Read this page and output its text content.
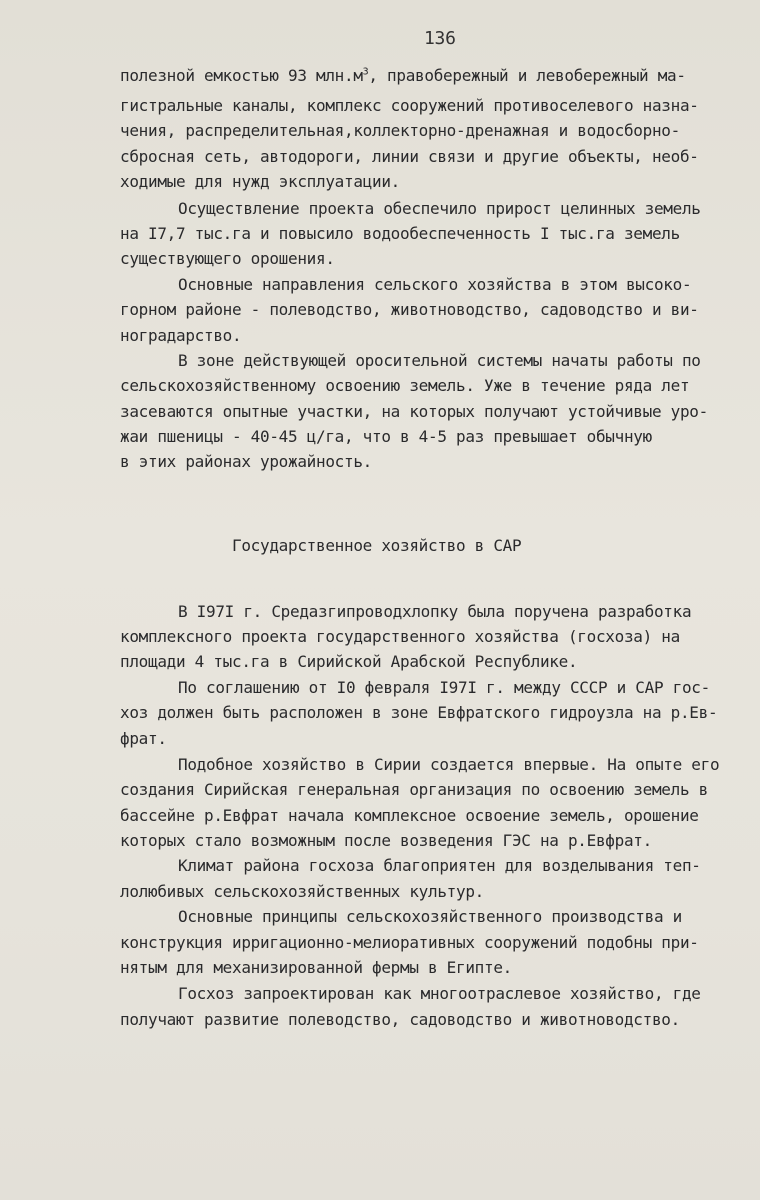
136
полезной емкостью 93 $млн.м^3$, правобережный и левобережный ма-
гистральные каналы, комплекс сооружений противоселевого назна-
чения, распределительная,коллекторно-дренажная и водосборно-
сбросная сеть, автодороги, линии связи и другие объекты, необ-
ходимые для нужд эксплуатации.
Осуществление проекта обеспечило прирост целинных земель
на I7,7 тыс.га и повысило водообеспеченность I тыс.га земель
существующего орошения.
Основные направления сельского хозяйства в этом высоко-
горном районе - полеводство, животноводство, садоводство и ви-
ноградарство.
В зоне действующей оросительной системы начаты работы по
сельскохозяйственному освоению земель. Уже в течение ряда лет
засеваются опытные участки, на которых получают устойчивые уро-
жаи пшеницы - 40-45 ц/га, что в 4-5 раз превышает обычную
в этих районах урожайность.
Государственное хозяйство в САР
В I97I г. Средазгипроводхлопку была поручена разработка
комплексного проекта государственного хозяйства (госхоза) на
площади 4 тыс.га в Сирийской Арабской Республике.
По соглашению от I0 февраля I97I г. между СССР и САР гос-
хоз должен быть расположен в зоне Евфратского гидроузла на р.Ев-
фрат.
Подобное хозяйство в Сирии создается впервые. На опыте его
создания Сирийская генеральная организация по освоению земель в
бассейне р.Евфрат начала комплексное освоение земель, орошение
которых стало возможным после возведения ГЭС на р.Евфрат.
Климат района госхоза благоприятен для возделывания теп-
лолюбивых сельскохозяйственных культур.
Основные принципы сельскохозяйственного производства и
конструкция ирригационно-мелиоративных сооружений подобны при-
нятым для механизированной фермы в Египте.
Госхоз запроектирован как многоотраслевое хозяйство, где
получают развитие полеводство, садоводство и животноводство.
